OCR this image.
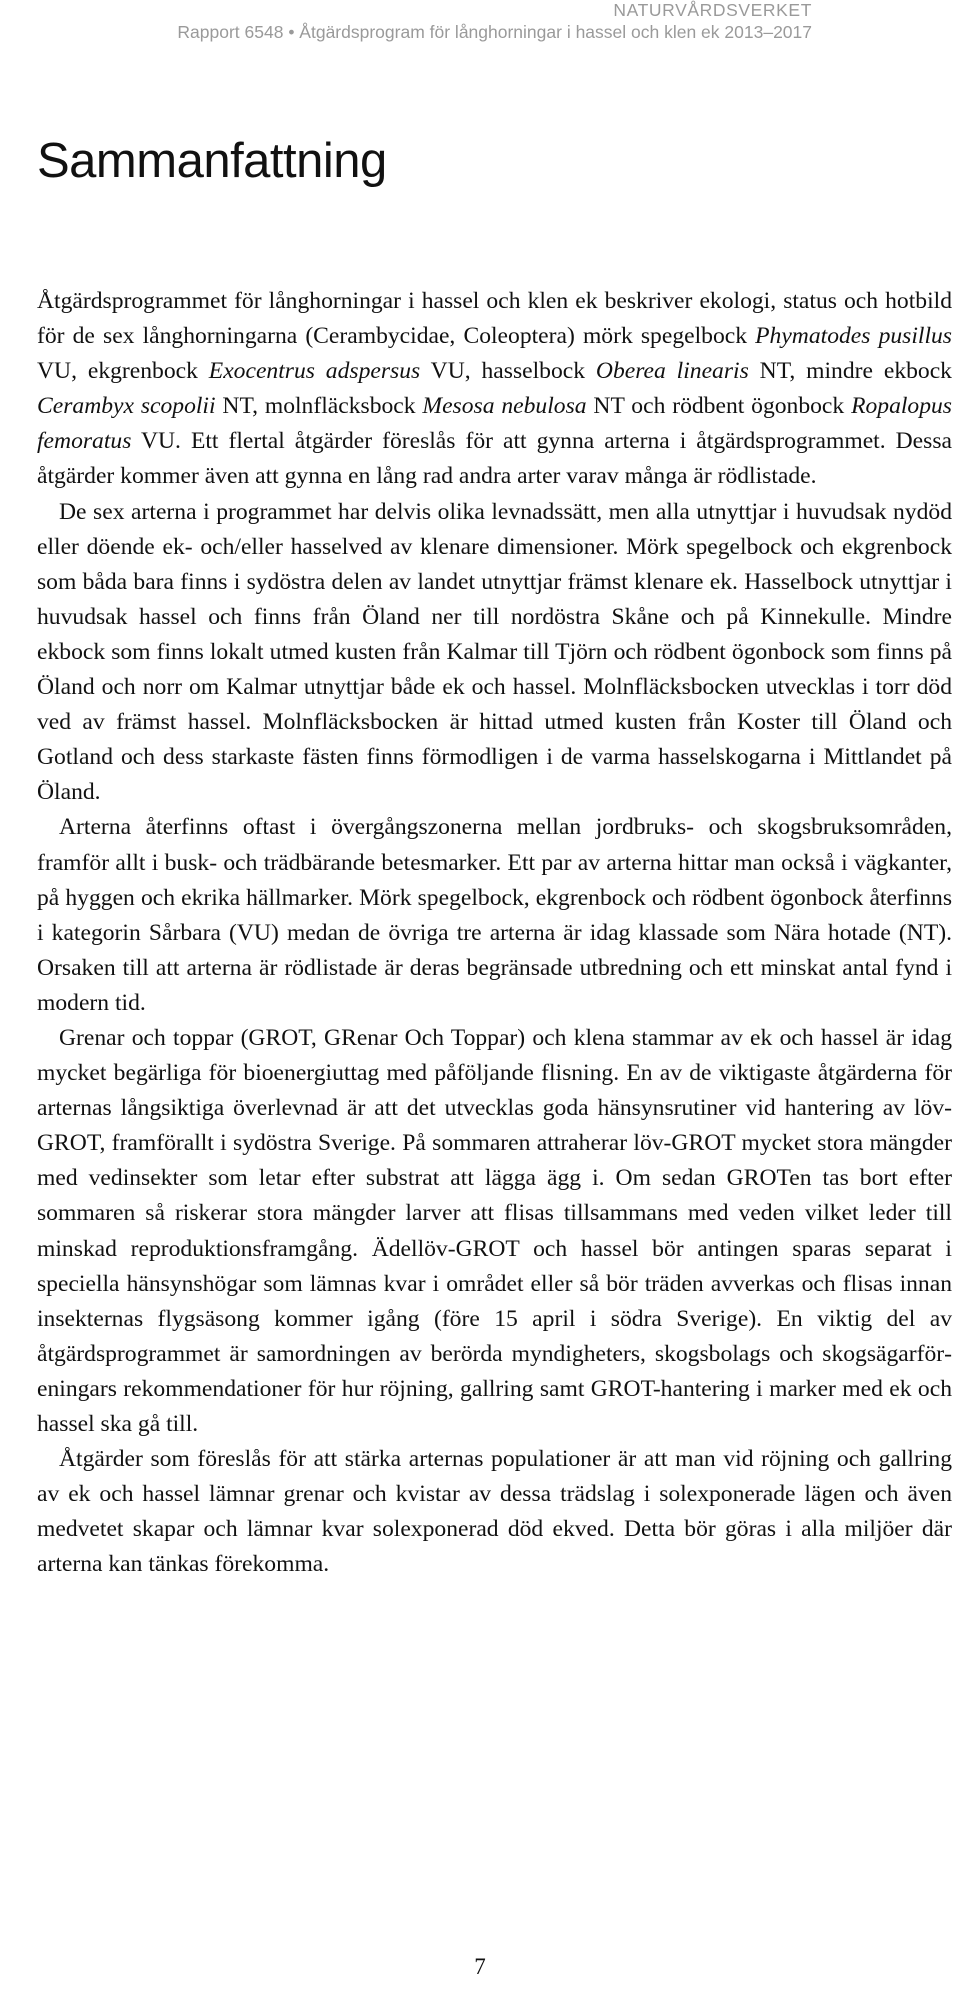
NATURVÅRDSVERKET
Rapport 6548 • Åtgärdsprogram för långhorningar i hassel och klen ek 2013–2017
Sammanfattning

Åtgärdsprogrammet för långhorningar i hassel och klen ek beskriver ekologi, status och hotbild för de sex långhorningarna (Cerambycidae, Coleoptera) mörk spegelbock Phymatodes pusillus VU, ekgrenbock Exocentrus adspersus VU, hasselbock Oberea linearis NT, mindre ekbock Cerambyx scopolii NT, molnfläcksbock Mesosa nebulosa NT och rödbent ögonbock Ropalopus femoratus VU. Ett flertal åtgärder föreslås för att gynna arterna i åtgärdsprogrammet. Dessa åtgärder kommer även att gynna en lång rad andra arter varav många är rödlistade.

De sex arterna i programmet har delvis olika levnadssätt, men alla utnyttjar i huvudsak nydöd eller döende ek- och/eller hasselved av klenare dimensioner. Mörk spegelbock och ekgrenbock som båda bara finns i sydöstra delen av landet utnyttjar främst klenare ek. Hasselbock utnyttjar i huvudsak hassel och finns från Öland ner till nordöstra Skåne och på Kinnekulle. Mindre ekbock som finns lokalt utmed kusten från Kalmar till Tjörn och rödbent ögonbock som finns på Öland och norr om Kalmar utnyttjar både ek och hassel. Molnfläcksbocken utvecklas i torr död ved av främst hassel. Molnfläcksbocken är hittad utmed kusten från Koster till Öland och Gotland och dess starkaste fästen finns förmodligen i de varma hasselskogarna i Mittlandet på Öland.

Arterna återfinns oftast i övergångszonerna mellan jordbruks- och skogsbruksområden, framför allt i busk- och trädbärande betesmarker. Ett par av arterna hittar man också i vägkanter, på hyggen och ekrika hällmarker. Mörk spegelbock, ekgrenbock och rödbent ögonbock återfinns i kategorin Sårbara (VU) medan de övriga tre arterna är idag klassade som Nära hotade (NT). Orsaken till att arterna är rödlistade är deras begränsade utbredning och ett minskat antal fynd i modern tid.

Grenar och toppar (GROT, GRenar Och Toppar) och klena stammar av ek och hassel är idag mycket begärliga för bioenergiuttag med påföljande flisning. En av de viktigaste åtgärderna för arternas långsiktiga överlevnad är att det utvecklas goda hänsynsrutiner vid hantering av löv-GROT, framförallt i sydöstra Sverige. På sommaren attraherar löv-GROT mycket stora mängder med vedinsekter som letar efter substrat att lägga ägg i. Om sedan GROTen tas bort efter sommaren så riskerar stora mängder larver att flisas tillsammans med veden vilket leder till minskad reproduktionsframgång. Ädellöv-GROT och hassel bör antingen sparas separat i speciella hänsynshögar som lämnas kvar i området eller så bör träden avverkas och flisas innan insekternas flygsäsong kommer igång (före 15 april i södra Sverige). En viktig del av åtgärdsprogrammet är samordningen av berörda myndigheters, skogsbolags och skogsägarföreningars rekommendationer för hur röjning, gallring samt GROT-hantering i marker med ek och hassel ska gå till.

Åtgärder som föreslås för att stärka arternas populationer är att man vid röjning och gallring av ek och hassel lämnar grenar och kvistar av dessa trädslag i solexponerade lägen och även medvetet skapar och lämnar kvar solexponerad död ekved. Detta bör göras i alla miljöer där arterna kan tänkas förekomma.

7
